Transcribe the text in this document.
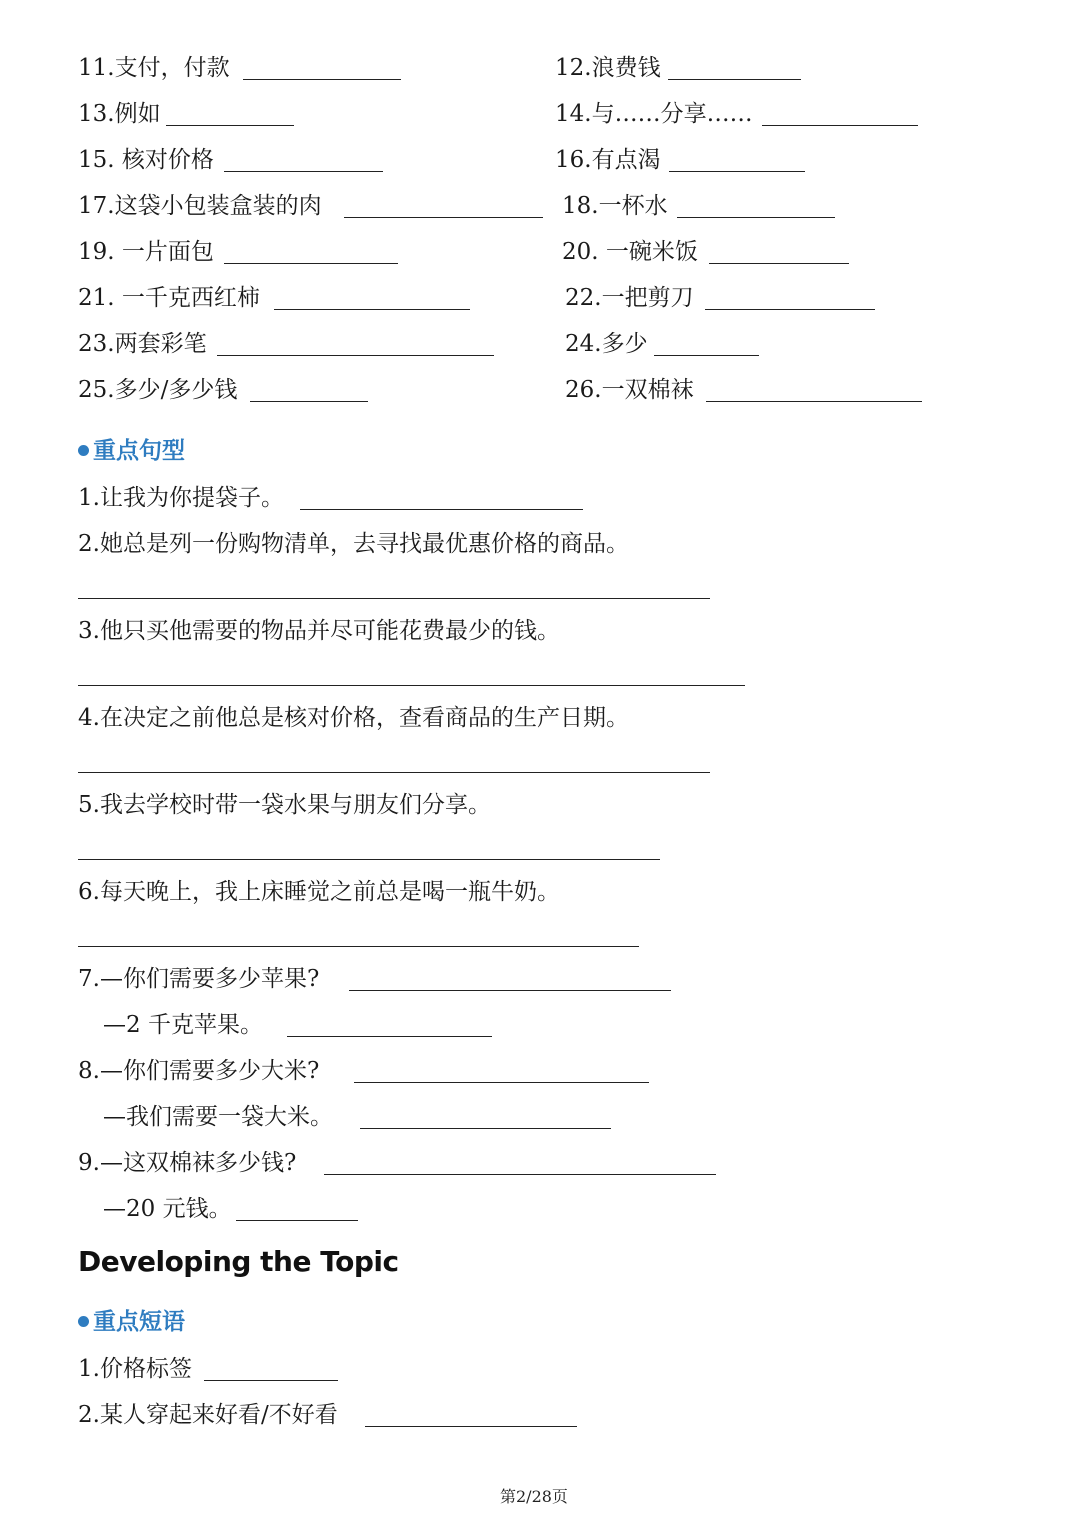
11.支付，付款	12.浪费钱
13.例如	14.与……分享……
15. 核对价格	16.有点渴
17.这袋小包装盒装的肉	18.一杯水
19. 一片面包	20. 一碗米饭
21. 一千克西红柿	22.一把剪刀
23.两套彩笔	24.多少
25.多少/多少钱	26.一双棉袜
重点句型
1.让我为你提袋子。
2.她总是列一份购物清单，去寻找最优惠价格的商品。
3.他只买他需要的物品并尽可能花费最少的钱。
4.在决定之前他总是核对价格，查看商品的生产日期。
5.我去学校时带一袋水果与朋友们分享。
6.每天晚上，我上床睡觉之前总是喝一瓶牛奶。
7.—你们需要多少苹果?
—2 千克苹果。
8.—你们需要多少大米?
—我们需要一袋大米。
9.—这双棉袜多少钱?
—20 元钱。
Developing the Topic
重点短语
1.价格标签
2.某人穿起来好看/不好看
第2/28页
